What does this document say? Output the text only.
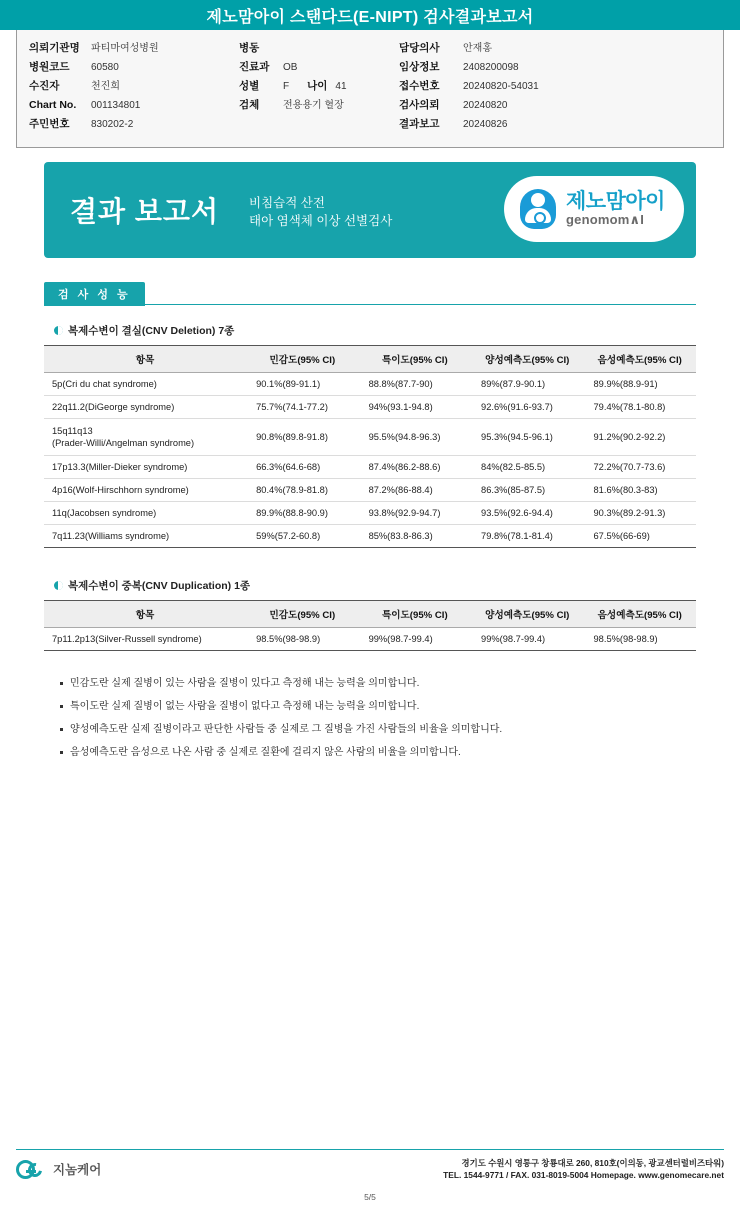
제노맘아이 스탠다드(E-NIPT) 검사결과보고서
의뢰기관명	파티마여성병원
병원코드	60580
수진자	천진희
Chart No.	001134801
주민번호	830202-2
병동
진료과	OB
성별	F 나이 41
검체	전용용기 혈장
담당의사	안재홍
임상정보	2408200098
접수번호	20240820-54031
검사의뢰	20240820
결과보고	20240826
결과 보고서 비침습적 산전
태아 염색체 이상 선별검사
제노맘아이
genomom∧I
검 사 성 능
복제수변이 결실(CNV Deletion) 7종
항목	민감도(95% CI)	특이도(95% CI)	양성예측도(95% CI)	음성예측도(95% CI)
5p(Cri du chat syndrome)	90.1%(89-91.1)	88.8%(87.7-90)	89%(87.9-90.1)	89.9%(88.9-91)
22q11.2(DiGeorge syndrome)	75.7%(74.1-77.2)	94%(93.1-94.8)	92.6%(91.6-93.7)	79.4%(78.1-80.8)

15q11q13
(Prader-Willi/Angelman syndrome)	90.8%(89.8-91.8)	95.5%(94.8-96.3)	95.3%(94.5-96.1)	91.2%(90.2-92.2)
17p13.3(Miller-Dieker syndrome)	66.3%(64.6-68)	87.4%(86.2-88.6)	84%(82.5-85.5)	72.2%(70.7-73.6)
4p16(Wolf-Hirschhorn syndrome)	80.4%(78.9-81.8)	87.2%(86-88.4)	86.3%(85-87.5)	81.6%(80.3-83)
11q(Jacobsen syndrome)	89.9%(88.8-90.9)	93.8%(92.9-94.7)	93.5%(92.6-94.4)	90.3%(89.2-91.3)
7q11.23(Williams syndrome)	59%(57.2-60.8)	85%(83.8-86.3)	79.8%(78.1-81.4)	67.5%(66-69)
복제수변이 중복(CNV Duplication) 1종
항목	민감도(95% CI)	특이도(95% CI)	양성예측도(95% CI)	음성예측도(95% CI)
7p11.2p13(Silver-Russell syndrome)	98.5%(98-98.9)	99%(98.7-99.4)	99%(98.7-99.4)	98.5%(98-98.9)
민감도란 실제 질병이 있는 사람을 질병이 있다고 측정해 내는 능력을 의미합니다.
특이도란 실제 질병이 없는 사람을 질병이 없다고 측정해 내는 능력을 의미합니다.
양성예측도란 실제 질병이라고 판단한 사람들 중 실제로 그 질병을 가진 사람들의 비율을 의미합니다.
음성예측도란 음성으로 나온 사람 중 실제로 질환에 걸리지 않은 사람의 비율을 의미합니다.
지놈케어	경기도 수원시 영통구 창룡대로 260, 810호(이의동, 광교센터럴비즈타워)
TEL. 1544-9771 / FAX. 031-8019-5004 Homepage. www.genomecare.net
5/5
